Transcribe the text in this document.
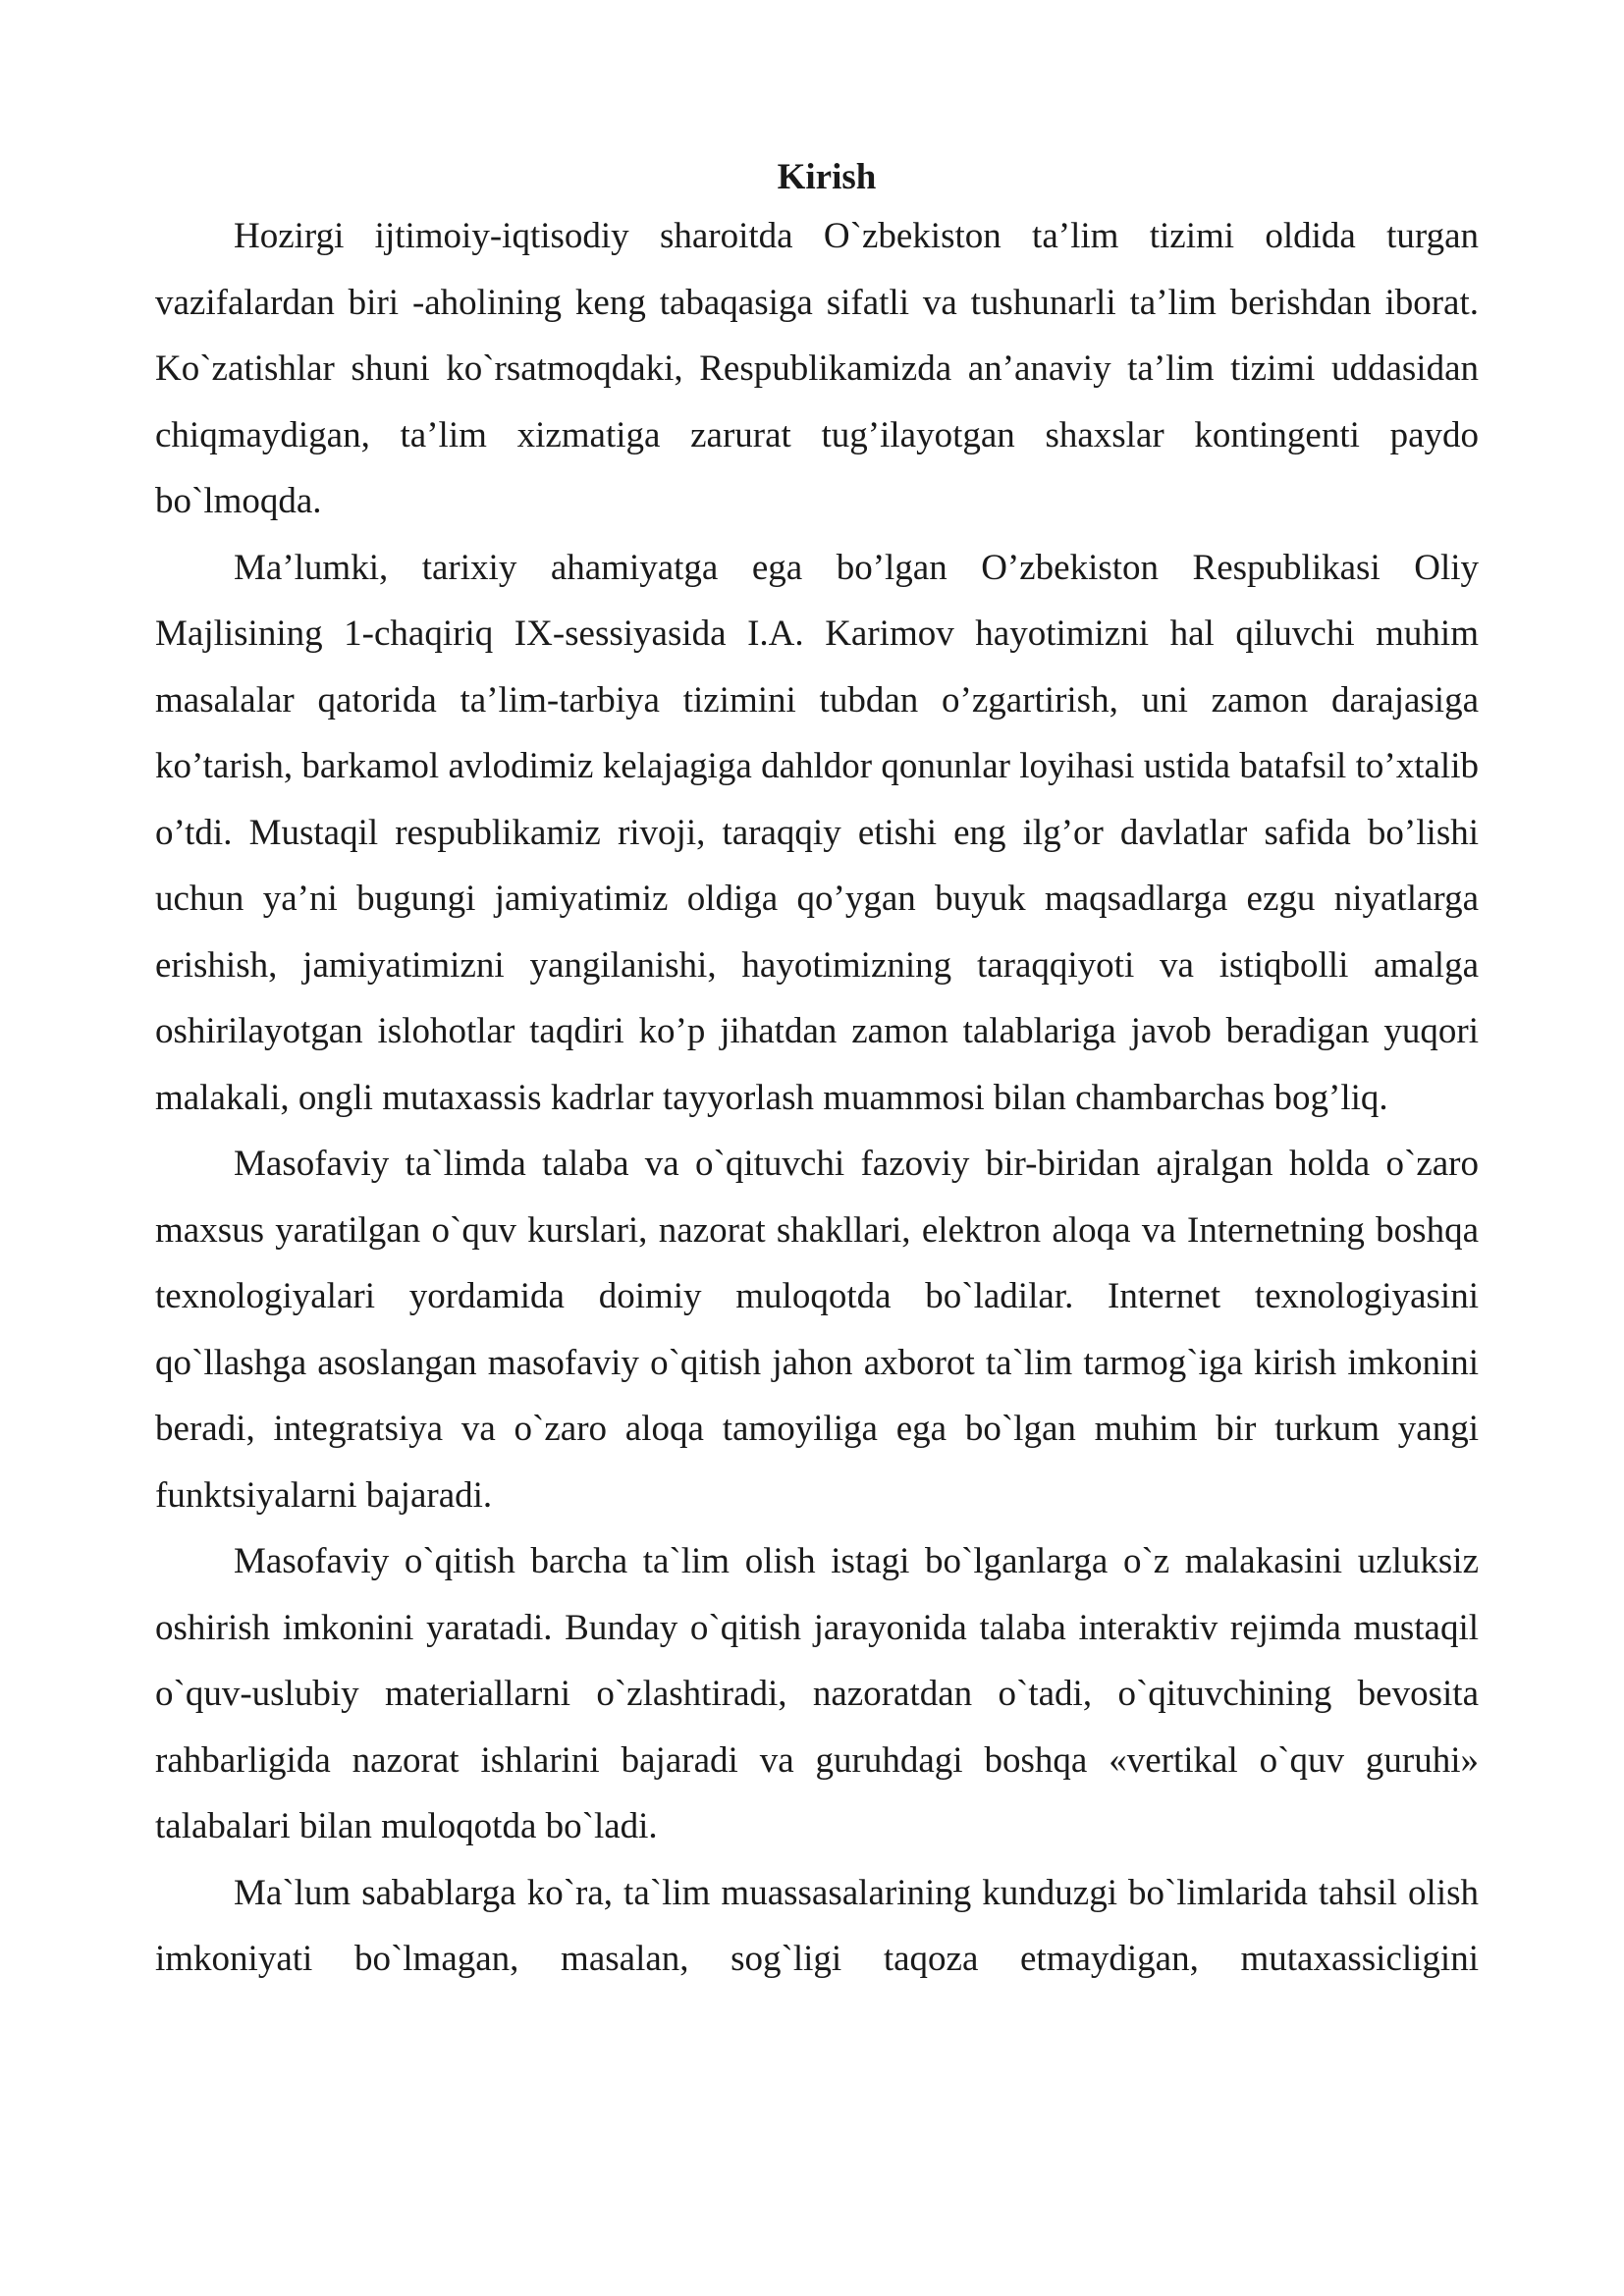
Kirish

Hozirgi ijtimoiy-iqtisodiy sharoitda O`zbekiston ta’lim tizimi oldida turgan vazifalardan biri -aholining keng tabaqasiga sifatli va tushunarli ta’lim berishdan iborat. Ko`zatishlar shuni ko`rsatmoqdaki, Respublikamizda an’anaviy ta’lim tizimi uddasidan chiqmaydigan, ta’lim xizmatiga zarurat tug’ilayotgan shaxslar kontingenti paydo bo`lmoqda.

Ma’lumki, tarixiy ahamiyatga ega bo’lgan O’zbekiston Respublikasi Oliy Majlisining 1-chaqiriq IX-sessiyasida I.A. Karimov hayotimizni hal qiluvchi muhim masalalar qatorida ta’lim-tarbiya tizimini tubdan o’zgartirish, uni zamon darajasiga ko’tarish, barkamol avlodimiz kelajagiga dahldor qonunlar loyihasi ustida batafsil to’xtalib o’tdi. Mustaqil respublikamiz rivoji, taraqqiy etishi eng ilg’or davlatlar safida bo’lishi uchun ya’ni bugungi jamiyatimiz oldiga qo’ygan buyuk maqsadlarga ezgu niyatlarga erishish, jamiyatimizni yangilanishi, hayotimizning taraqqiyoti va istiqbolli amalga oshirilayotgan islohotlar taqdiri ko’p jihatdan zamon talablariga javob beradigan yuqori malakali, ongli mutaxassis kadrlar tayyorlash muammosi bilan chambarchas bog’liq.

Masofaviy ta`limda talaba va o`qituvchi fazoviy bir-biridan ajralgan holda o`zaro maxsus yaratilgan o`quv kurslari, nazorat shakllari, elektron aloqa va Internetning boshqa texnologiyalari yordamida doimiy muloqotda bo`ladilar. Internet texnologiyasini qo`llashga asoslangan masofaviy o`qitish jahon axborot ta`lim tarmog`iga kirish imkonini beradi, integratsiya va o`zaro aloqa tamoyiliga ega bo`lgan muhim bir turkum yangi funktsiyalarni bajaradi.

Masofaviy o`qitish barcha ta`lim olish istagi bo`lganlarga o`z malakasini uzluksiz oshirish imkonini yaratadi. Bunday o`qitish jarayonida talaba interaktiv rejimda mustaqil o`quv-uslubiy materiallarni o`zlashtiradi, nazoratdan o`tadi, o`qituvchining bevosita rahbarligida nazorat ishlarini bajaradi va guruhdagi boshqa «vertikal o`quv guruhi» talabalari bilan muloqotda bo`ladi.

Ma`lum sabablarga ko`ra, ta`lim muassasalarining kunduzgi bo`limlarida tahsil olish imkoniyati bo`lmagan, masalan, sog`ligi taqoza etmaydigan, mutaxassicligini
